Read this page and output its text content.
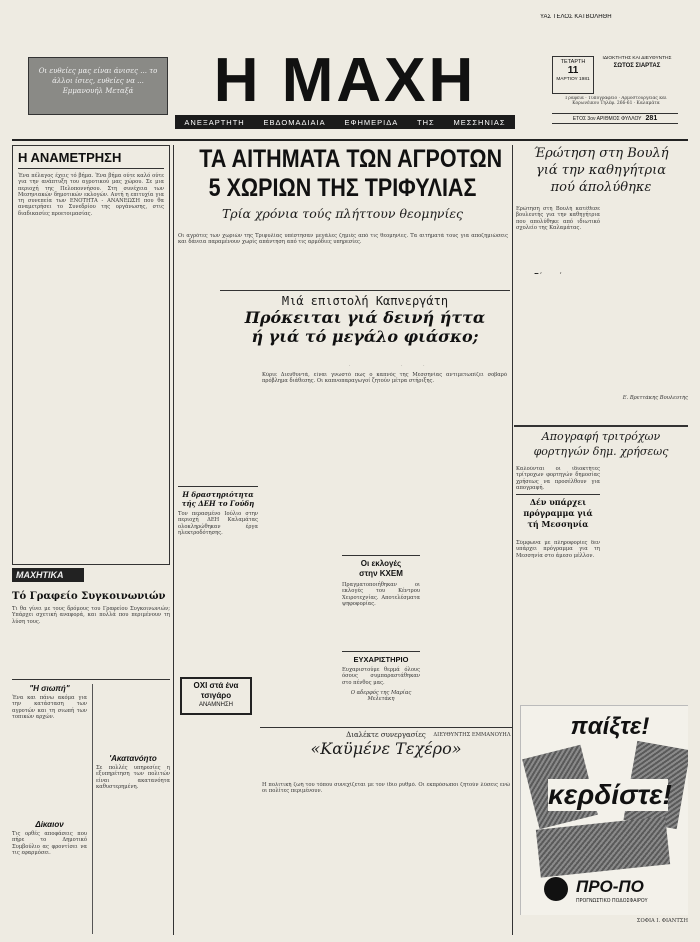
ΥΑΣ ΤΕΛΟΣ ΚΑΤΒΟΛΗΘΗ
Οι ευθείες μας είναι άνισες ... το άλλοι ίσιες, ευθείες να ... Εμμανουήλ Μεταξά	Η ΜΑΧΗ
ΑΝΕΞΑΡΤΗΤΗ	ΕΒΔΟΜΑΔΙΑΙΑ	ΕΦΗΜΕΡΙΔΑ	ΤΗΣ	ΜΕΣΣΗΝΙΑΣ
ΤΕΤΑΡΤΗ
11
ΜΑΡΤΙΟΥ 1981
ΙΔΙΟΚΤΗΤΗΣ ΚΑΙ ΔΙΕΥΘΥΝΤΗΣ
ΣΩΤΟΣ ΣΙΑΡΤΑΣ
Γραφεία · Τυπογραφείο · Αρμοστουργείας και Κορωνέικου Τηλέφ. 266-61 · Καλαμάτα
ΕΤΟΣ 3ον ΑΡΙΘΜΟΣ ΦΥΛΛΟΥ 281
Η ΑΝΑΜΕΤΡΗΣΗ
Ένα πέλαγος έχεις τό βήμα. Ένα βήμα ούτε καλό ούτε για την ανάπτυξη του αγροτικού μας χώρου. Σε μια περιοχή της Πελοποννήσου. Στη συνέχεια των Μεσηνιακών δημοτικών εκλογών. Αυτή η επιτυχία για τη συνεπεία των ΕΝΟΤΗΤΑ - ΑΝΑΝΕΩΣΗ που θα αναμετρήσει το Συνεδρίου της οργάνωσης, στις διαδικασίες προετοιμασίας.
ΜΑΧΗΤΙΚΑ
Τό Γραφείο Συγκοινωνιών
Τι θα γίνει με τους δρόμους του Γραφείου Συγκοινωνιών; Υπάρχει σχετική αναφορά, και πολλά που περιμένουν τη λύση τους.
"Η σιωπή"
Ένα και πάνω ακόμα για την κατάσταση των αγροτών και τη σιωπή των τοπικών αρχών.
Δίκαιον
Τις ορθές αποφάσεις που πήρε το Δημοτικό Συμβούλιο ας φροντίσει να τις εφαρμόσει.
'Ακατανόητο
Σε πολλές υπηρεσίες η εξυπηρέτηση των πολιτών είναι ακατανόητα καθυστερημένη.
ΤΑ ΑΙΤΗΜΑΤΑ ΤΩΝ ΑΓΡΟΤΩΝ
5 ΧΩΡΙΩΝ ΤΗΣ ΤΡΙΦΥΛΙΑΣ
Τρία χρόνια τούς πλήττουν θεομηνίες
Οι αγρότες των χωριών της Τριφυλίας υπέστησαν μεγάλες ζημιές από τις θεομηνίες. Τα αιτήματά τους για αποζημιώσεις και δάνεια παραμένουν χωρίς απάντηση από τις αρμόδιες υπηρεσίες.
Μιά επιστολή Καπνεργάτη
Πρόκειται γιά δεινή ήττα
ή γιά τό μεγάλο φιάσκο;
Κύριε Διευθυντά, είναι γνωστό πως ο καπνός της Μεσσηνίας αντιμετωπίζει σοβαρό πρόβλημα διάθεσης. Οι καπνοπαραγωγοί ζητούν μέτρα στήριξης.
Η δραστηριότητα
τής ΔΕΗ το Γούδη
Τον περασμένο Ιούλιο στην περιοχή ΔΕΗ Καλαμάτας ολοκληρώθηκαν έργα ηλεκτροδότησης.
ΟΧΙ στά ένα
τσιγάρο
ΑΝΑΜΝΗΣΗ
Οι εκλογές
στην ΚΧΕΜ
Πραγματοποιήθηκαν οι εκλογές του Κέντρου Χειροτεχνίας. Αποτελέσματα ψηφοφορίας.
ΕΥΧΑΡΙΣΤΗΡΙΟ
Ευχαριστούμε θερμά όλους όσους συμπαραστάθηκαν στο πένθος μας.
Ο αδερφός της Μαρίας Μελετάκη
Διαλέκτε συνεργασίες
«Καϋμένε Τεχέρο»
Η πολιτική ζωή του τόπου συνεχίζεται με τον ίδιο ρυθμό. Οι εκπρόσωποι ζητούν λύσεις ενώ οι πολίτες περιμένουν.
Έρώτηση στη Βουλή
γιά την καθηγήτρια
πού άπολύθηκε
Ερώτηση στη Βουλή κατέθεσε βουλευτής για την καθηγήτρια που απολύθηκε από ιδιωτικό σχολείο της Καλαμάτας.
Ε. Βρεττάκης Βουλευτής
Απογραφή τριτρόχων
φορτηγών δημ. χρήσεως
Καλούνται οι ιδιοκτήτες τρίτροχων φορτηγών δημοσίας χρήσεως να προσέλθουν για απογραφή.
Δέν υπάρχει
πρόγραμμα γιά
τή Μεσσηνία
Σύμφωνα με πληροφορίες δεν υπάρχει πρόγραμμα για τη Μεσσηνία στο άμεσο μέλλον.
ΔΙΕΥΘΥΝΤΗΣ ΕΜΜΑΝΟΥΗΛ
ΣΟΦΙΑ Ι. ΦΙΑΝΤΣΗ
παίξτε!
κερδίστε!
ΠΡΟ-ΠΟ
ΠΡΟΓΝΩΣΤΙΚΟ ΠΟΔΟΣΦΑΙΡΟΥ
